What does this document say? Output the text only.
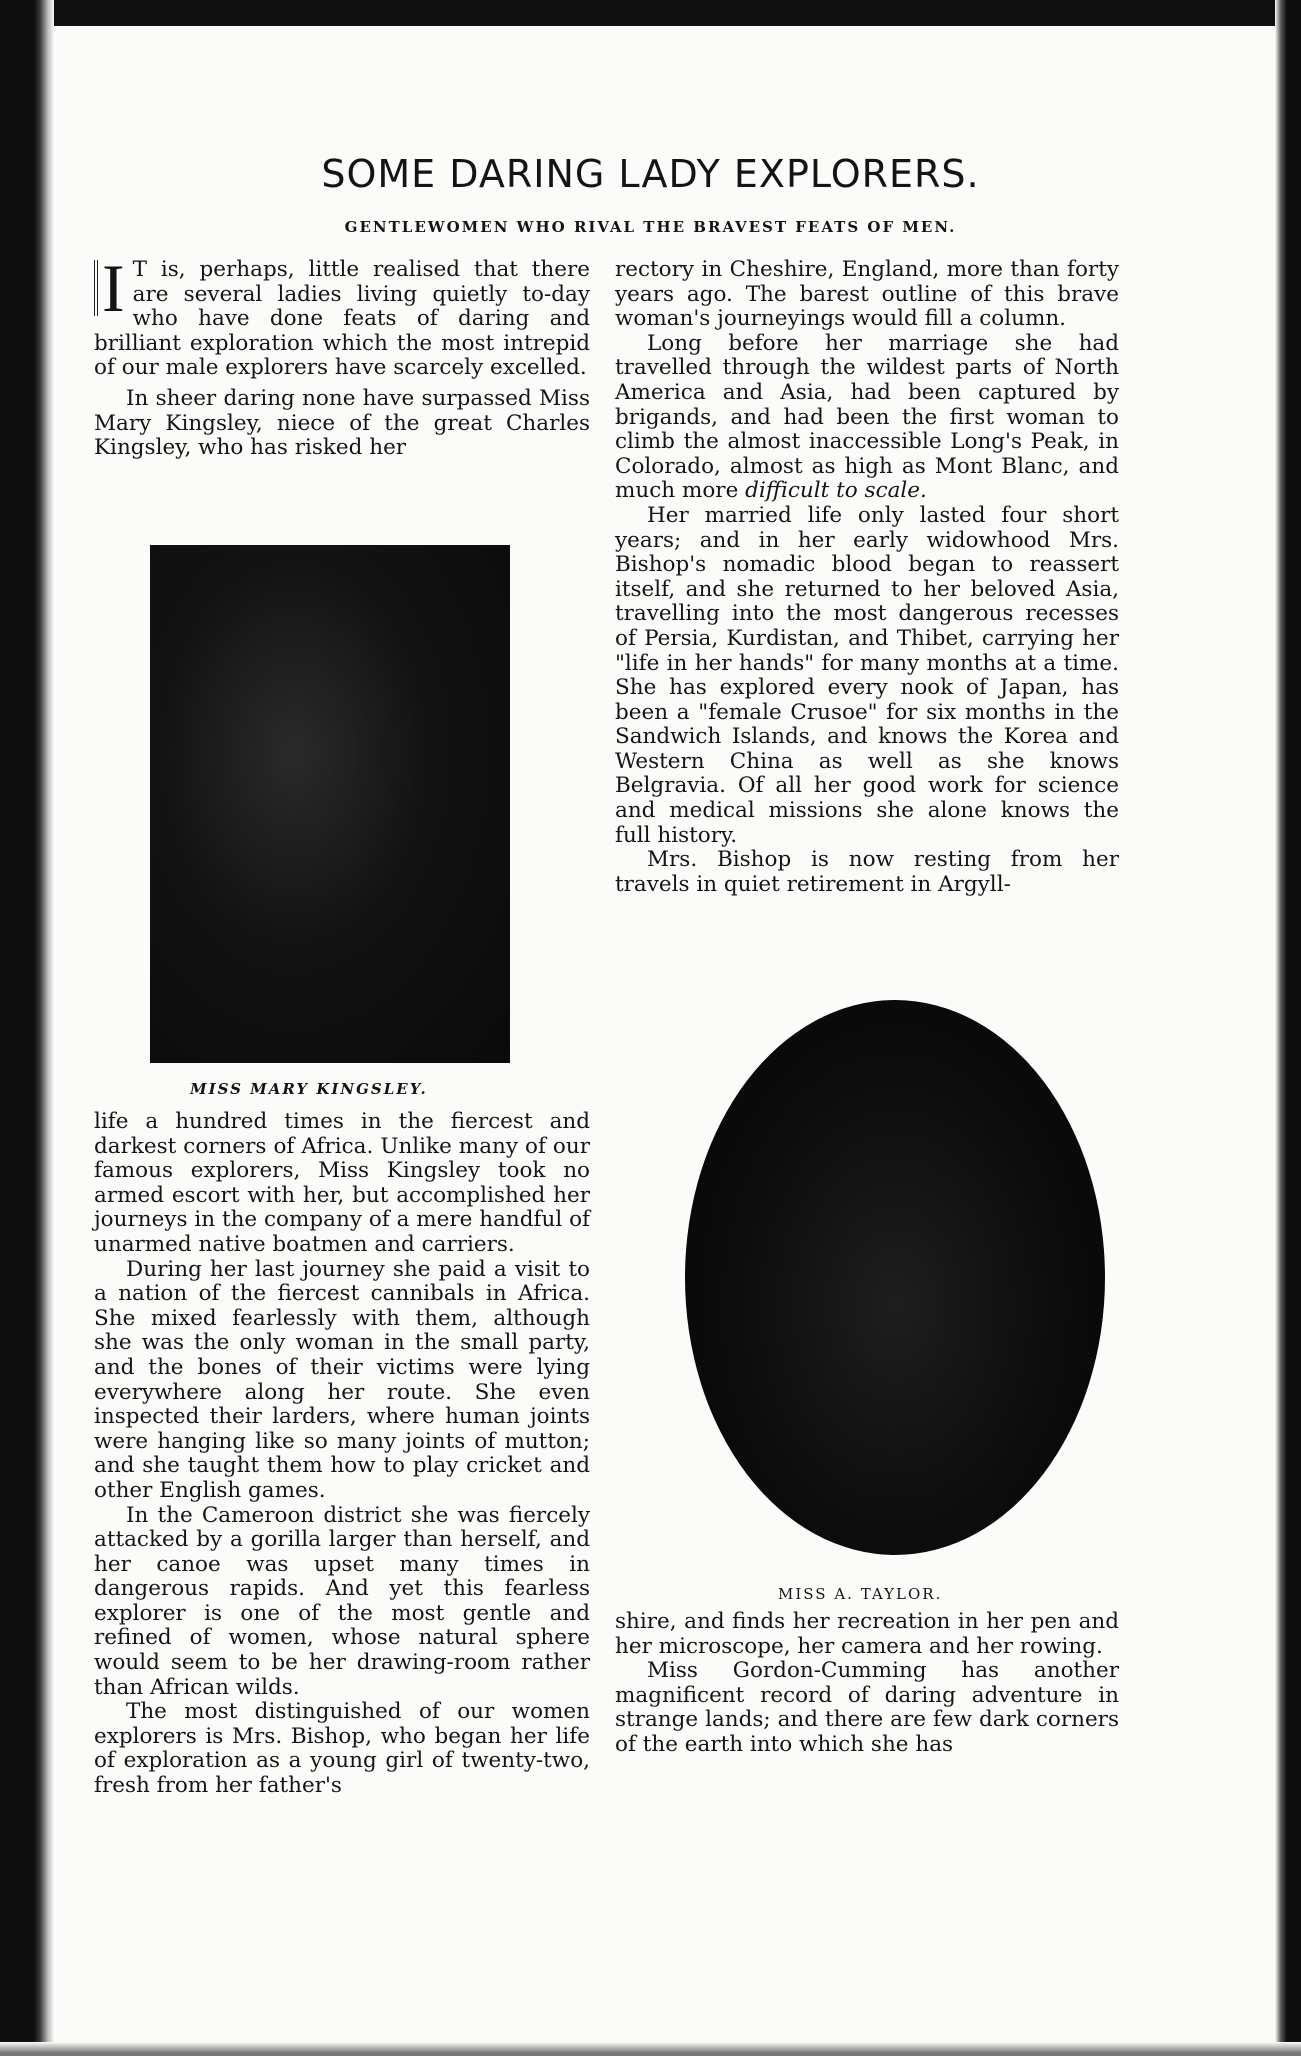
SOME DARING LADY EXPLORERS.
GENTLEWOMEN WHO RIVAL THE BRAVEST FEATS OF MEN.

I T is, perhaps, little realised that there are several ladies living quietly to-day who have done feats of daring and brilliant exploration which the most intrepid of our male explorers have scarcely excelled.

In sheer daring none have surpassed Miss Mary Kingsley, niece of the great Charles Kingsley, who has risked her

MISS MARY KINGSLEY.

life a hundred times in the fiercest and darkest corners of Africa. Unlike many of our famous explorers, Miss Kingsley took no armed escort with her, but accomplished her journeys in the company of a mere handful of unarmed native boatmen and carriers.

During her last journey she paid a visit to a nation of the fiercest cannibals in Africa. She mixed fearlessly with them, although she was the only woman in the small party, and the bones of their victims were lying everywhere along her route. She even inspected their larders, where human joints were hanging like so many joints of mutton; and she taught them how to play cricket and other English games.

In the Cameroon district she was fiercely attacked by a gorilla larger than herself, and her canoe was upset many times in dangerous rapids. And yet this fearless explorer is one of the most gentle and refined of women, whose natural sphere would seem to be her drawing-room rather than African wilds.

The most distinguished of our women explorers is Mrs. Bishop, who began her life of exploration as a young girl of twenty-two, fresh from her father's

rectory in Cheshire, England, more than forty years ago. The barest outline of this brave woman's journeyings would fill a column.

Long before her marriage she had travelled through the wildest parts of North America and Asia, had been captured by brigands, and had been the first woman to climb the almost inaccessible Long's Peak, in Colorado, almost as high as Mont Blanc, and much more difficult to scale.

Her married life only lasted four short years; and in her early widowhood Mrs. Bishop's nomadic blood began to reassert itself, and she returned to her beloved Asia, travelling into the most dangerous recesses of Persia, Kurdistan, and Thibet, carrying her "life in her hands" for many months at a time. She has explored every nook of Japan, has been a "female Crusoe" for six months in the Sandwich Islands, and knows the Korea and Western China as well as she knows Belgravia. Of all her good work for science and medical missions she alone knows the full history.

Mrs. Bishop is now resting from her travels in quiet retirement in Argyll-

MISS A. TAYLOR.

shire, and finds her recreation in her pen and her microscope, her camera and her rowing.

Miss Gordon-Cumming has another magnificent record of daring adventure in strange lands; and there are few dark corners of the earth into which she has
